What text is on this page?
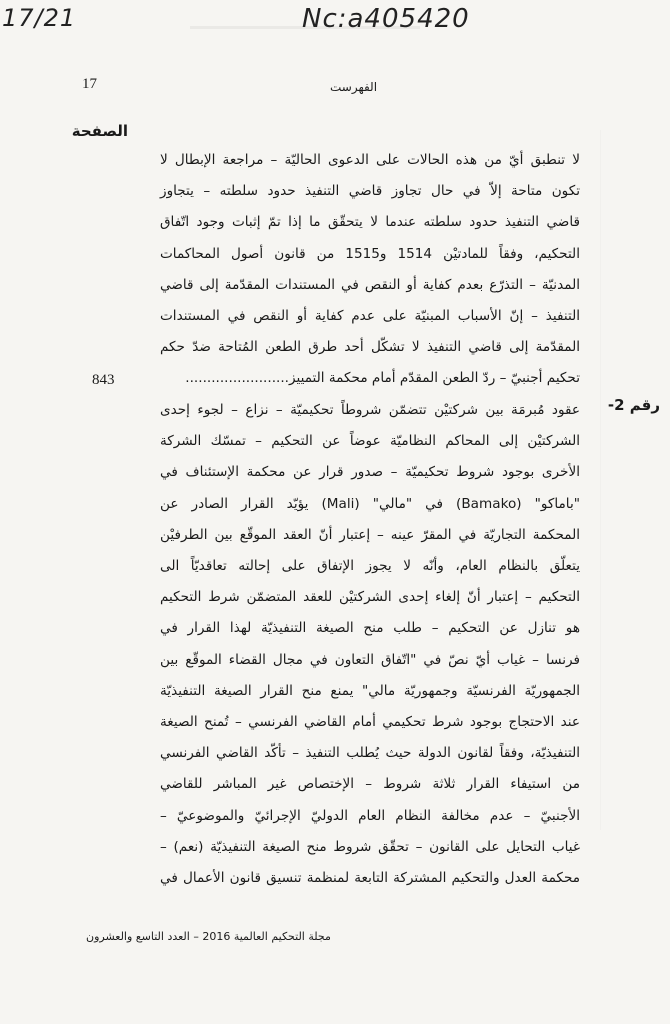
17/21	Nc:a405420
17	الفهرست
الصفحة
لا تنطبق أيّ من هذه الحالات على الدعوى الحاليّة – مراجعة الإبطال لا
تكون متاحة إلاّ في حال تجاوز قاضي التنفيذ حدود سلطته – يتجاوز
قاضي التنفيذ حدود سلطته عندما لا يتحقّق ما إذا تمّ إثبات وجود اتّفاق
التحكيم، وفقاً للمادتيْن 1514 و1515 من قانون أصول المحاكمات
المدنيّة – التذرّع بعدم كفاية أو النقص في المستندات المقدّمة إلى قاضي
التنفيذ – إنّ الأسباب المبنيّة على عدم كفاية أو النقص في المستندات
المقدّمة إلى قاضي التنفيذ لا تشكّل أحد طرق الطعن المُتاحة ضدّ حكم
تحكيم أجنبيّ – ردّ الطعن المقدّم أمام محكمة التمييز........................
843
رقم 2-
عقود مُبرمَة بين شركتيْن تتضمّن شروطاً تحكيميّة – نزاع – لجوء إحدى
الشركتيْن إلى المحاكم النظاميّة عوضاً عن التحكيم – تمسّك الشركة
الأخرى بوجود شروط تحكيميّة – صدور قرار عن محكمة الإستئناف في
"باماكو" (Bamako) في "مالي" (Mali) يؤيّد القرار الصادر عن
المحكمة التجاريّة في المقرّ عينه – إعتبار أنّ العقد الموقّع بين الطرفيْن
يتعلّق بالنظام العام، وأنّه لا يجوز الإتفاق على إحالته تعاقديّاً الى
التحكيم – إعتبار أنّ إلغاء إحدى الشركتيْن للعقد المتضمّن شرط التحكيم
هو تنازل عن التحكيم – طلب منح الصيغة التنفيذيّة لهذا القرار في
فرنسا – غياب أيّ نصّ في "اتّفاق التعاون في مجال القضاء الموقّع بين
الجمهوريّة الفرنسيّة وجمهوريّة مالي" يمنع منح القرار الصيغة التنفيذيّة
عند الاحتجاج بوجود شرط تحكيمي أمام القاضي الفرنسي – تُمنح الصيغة
التنفيذيّة، وفقاً لقانون الدولة حيث يُطلب التنفيذ – تأكّد القاضي الفرنسي
من استيفاء القرار ثلاثة شروط – الإختصاص غير المباشر للقاضي
الأجنبيّ – عدم مخالفة النظام العام الدوليّ الإجرائيّ والموضوعيّ –
غياب التحايل على القانون – تحقّق شروط منح الصيغة التنفيذيّة (نعم) –
محكمة العدل والتحكيم المشتركة التابعة لمنظمة تنسيق قانون الأعمال في
مجلة التحكيم العالمية 2016 – العدد التاسع والعشرون
